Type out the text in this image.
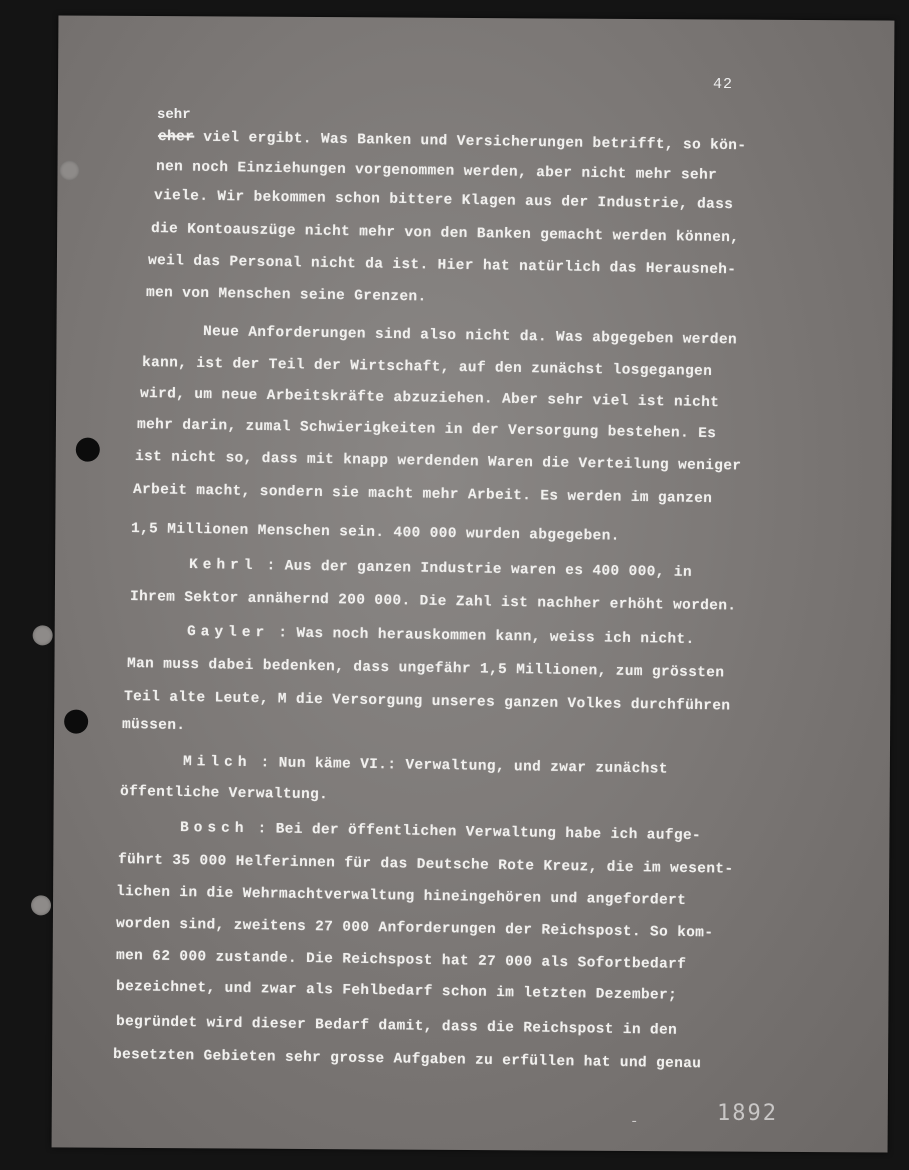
42
sehr
eher viel ergibt. Was Banken und Versicherungen betrifft, so kön-
nen noch Einziehungen vorgenommen werden, aber nicht mehr sehr
viele. Wir bekommen schon bittere Klagen aus der Industrie, dass
die Kontoauszüge nicht mehr von den Banken gemacht werden können,
weil das Personal nicht da ist. Hier hat natürlich das Herausneh-
men von Menschen seine Grenzen.
Neue Anforderungen sind also nicht da. Was abgegeben werden
kann, ist der Teil der Wirtschaft, auf den zunächst losgegangen
wird, um neue Arbeitskräfte abzuziehen. Aber sehr viel ist nicht
mehr darin, zumal Schwierigkeiten in der Versorgung bestehen. Es
ist nicht so, dass mit knapp werdenden Waren die Verteilung weniger
Arbeit macht, sondern sie macht mehr Arbeit. Es werden im ganzen
1,5 Millionen Menschen sein. 400 000 wurden abgegeben.
Kehrl : Aus der ganzen Industrie waren es 400 000, in
Ihrem Sektor annähernd 200 000. Die Zahl ist nachher erhöht worden.
Gayler : Was noch herauskommen kann, weiss ich nicht.
Man muss dabei bedenken, dass ungefähr 1,5 Millionen, zum grössten
Teil alte Leute, M die Versorgung unseres ganzen Volkes durchführen
müssen.
Milch : Nun käme VI.: Verwaltung, und zwar zunächst
öffentliche Verwaltung.
Bosch : Bei der öffentlichen Verwaltung habe ich aufge-
führt 35 000 Helferinnen für das Deutsche Rote Kreuz, die im wesent-
lichen in die Wehrmachtverwaltung hineingehören und angefordert
worden sind, zweitens 27 000 Anforderungen der Reichspost. So kom-
men 62 000 zustande. Die Reichspost hat 27 000 als Sofortbedarf
bezeichnet, und zwar als Fehlbedarf schon im letzten Dezember;
begründet wird dieser Bedarf damit, dass die Reichspost in den
besetzten Gebieten sehr grosse Aufgaben zu erfüllen hat und genau
-	1892
